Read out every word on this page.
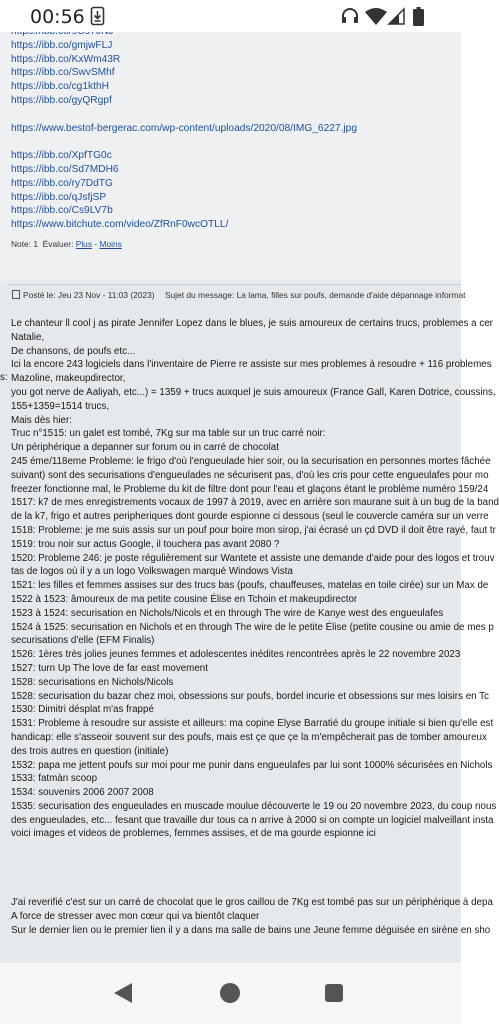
00:56
https://ibb.co/gmjwFLJ
https://ibb.co/KxWm43R
https://ibb.co/SwvSMhf
https://ibb.co/cg1kthH
https://ibb.co/gyQRgpf
https://www.bestof-bergerac.com/wp-content/uploads/2020/08/IMG_6227.jpg
https://ibb.co/XpfTG0c
https://ibb.co/Sd7MDH6
https://ibb.co/ry7DdTG
https://ibb.co/qJsfjSP
https://ibb.co/Cs9LV7b
https://www.bitchute.com/video/ZfRnF0wcOTLL/
Note: 1 Évaluer: Plus - Moins
Posté le: Jeu 23 Nov - 11:03 (2023) Sujet du message: La lama, filles sur poufs, demande d'aide dépannage informat
s:
Le chanteur ll cool j as pirate Jennifer Lopez dans le blues, je suis amoureux de certains trucs, problemes a cer
Natalie,
De chansons, de poufs etc...
Ici la encore 243 logiciels dans l'inventaire de Pierre re assiste sur mes problemes à resoudre + 116 problemes
Mazoline, makeupdirector,
you got nerve de Aaliyah, etc...) = 1359 + trucs auxquel je suis amoureux (France Gall, Karen Dotrice, coussins,
155+1359=1514 trucs,
Mais dès hier:
Truc n°1515: un galet est tombé, 7Kg sur ma table sur un truc carré noir:
Un périphérique a depanner sur forum ou in carré de chocolat
245 éme/118eme Probleme: le frigo d'où l'engueulade hier soir, ou la securisation en personnes mortes fâchée
suivant) sont des securisations d'engueulades ne sécurisent pas, d'où les cris pour cette engueulafes pour mo
freezer fonctionne mal, le Probleme du kit de filtre dont pour l'eau et glaçons étant le problème numéro 159/24
1517: k7 de mes enregistrements vocaux de 1997 à 2019, avec en arrière son maurane suit à un bug de la band
de la k7, frigo et autres peripheriques dont gourde espionne ci dessous (seul le couvercle caméra sur un verre
1518: Probleme: je me suis assis sur un pouf pour boire mon sirop, j'ai écrasé un çd DVD il doit être rayé, faut tr
1519: trou noir sur actus Google, il touchera pas avant 2080 ?
1520: Probleme 246: je poste régulièrement sur Wantete et assiste une demande d'aide pour des logos et trouv
tas de logos où il y a un logo Volkswagen marqué Windows Vista
1521: les filles et femmes assises sur des trucs bas (poufs, chauffeuses, matelas en toile cirée) sur un Max de
1522 à 1523: âmoureux de ma petite cousine Élise en Tchoin et makeupdirector
1523 à 1524: securisation en Nichols/Nicols et en through The wire de Kanye west des engueulafes
1524 à 1525: securisation en Nichols et en through The wire de le petite Élise (petite cousine ou amie de mes p
securisations d'elle (EFM Finalis)
1526: 1ères très jolies jeunes femmes et adolescentes inédites rencontrées après le 22 novembre 2023
1527: turn Up The love de far east movement
1528: securisations en Nichols/Nicols
1528: securisation du bazar chez moi, obsessions sur poufs, bordel incurie et obsessions sur mes loisirs en Tc
1530: Dimitri désplat m'as frappé
1531: Probleme à resoudre sur assiste et ailleurs: ma copine Elyse Barratié du groupe initiale si bien qu'elle est
handicap: elle s'asseoir souvent sur des poufs, mais est çe que çe la m'empêcherait pas de tomber amoureux
des trois autres en question (initiale)
1532: papa me jettent poufs sur moi pour me punir dans engueulafes par lui sont 1000% sécurisées en Nichols
1533: fatmàn scoop
1534: souvenirs 2006 2007 2008
1535: securisation des engueulades en muscade moulue découverte le 19 ou 20 novembre 2023, du coup nous
des engueulades, etc... fesant que travaille dur tous ca n arrive à 2000 si on compte un logiciel malveillant insta
voici images et videos de problemes, femmes assises, et de ma gourde espionne ici
J'ai reverifié c'est sur un carré de chocolat que le gros caillou de 7Kg est tombé pas sur un périphérique à depa
A force de stresser avec mon cœur qui va bientôt claquer
Sur le dernier lien ou le premier lien il y a dans ma salle de bains une Jeune femme déguisée en sirène en sho
